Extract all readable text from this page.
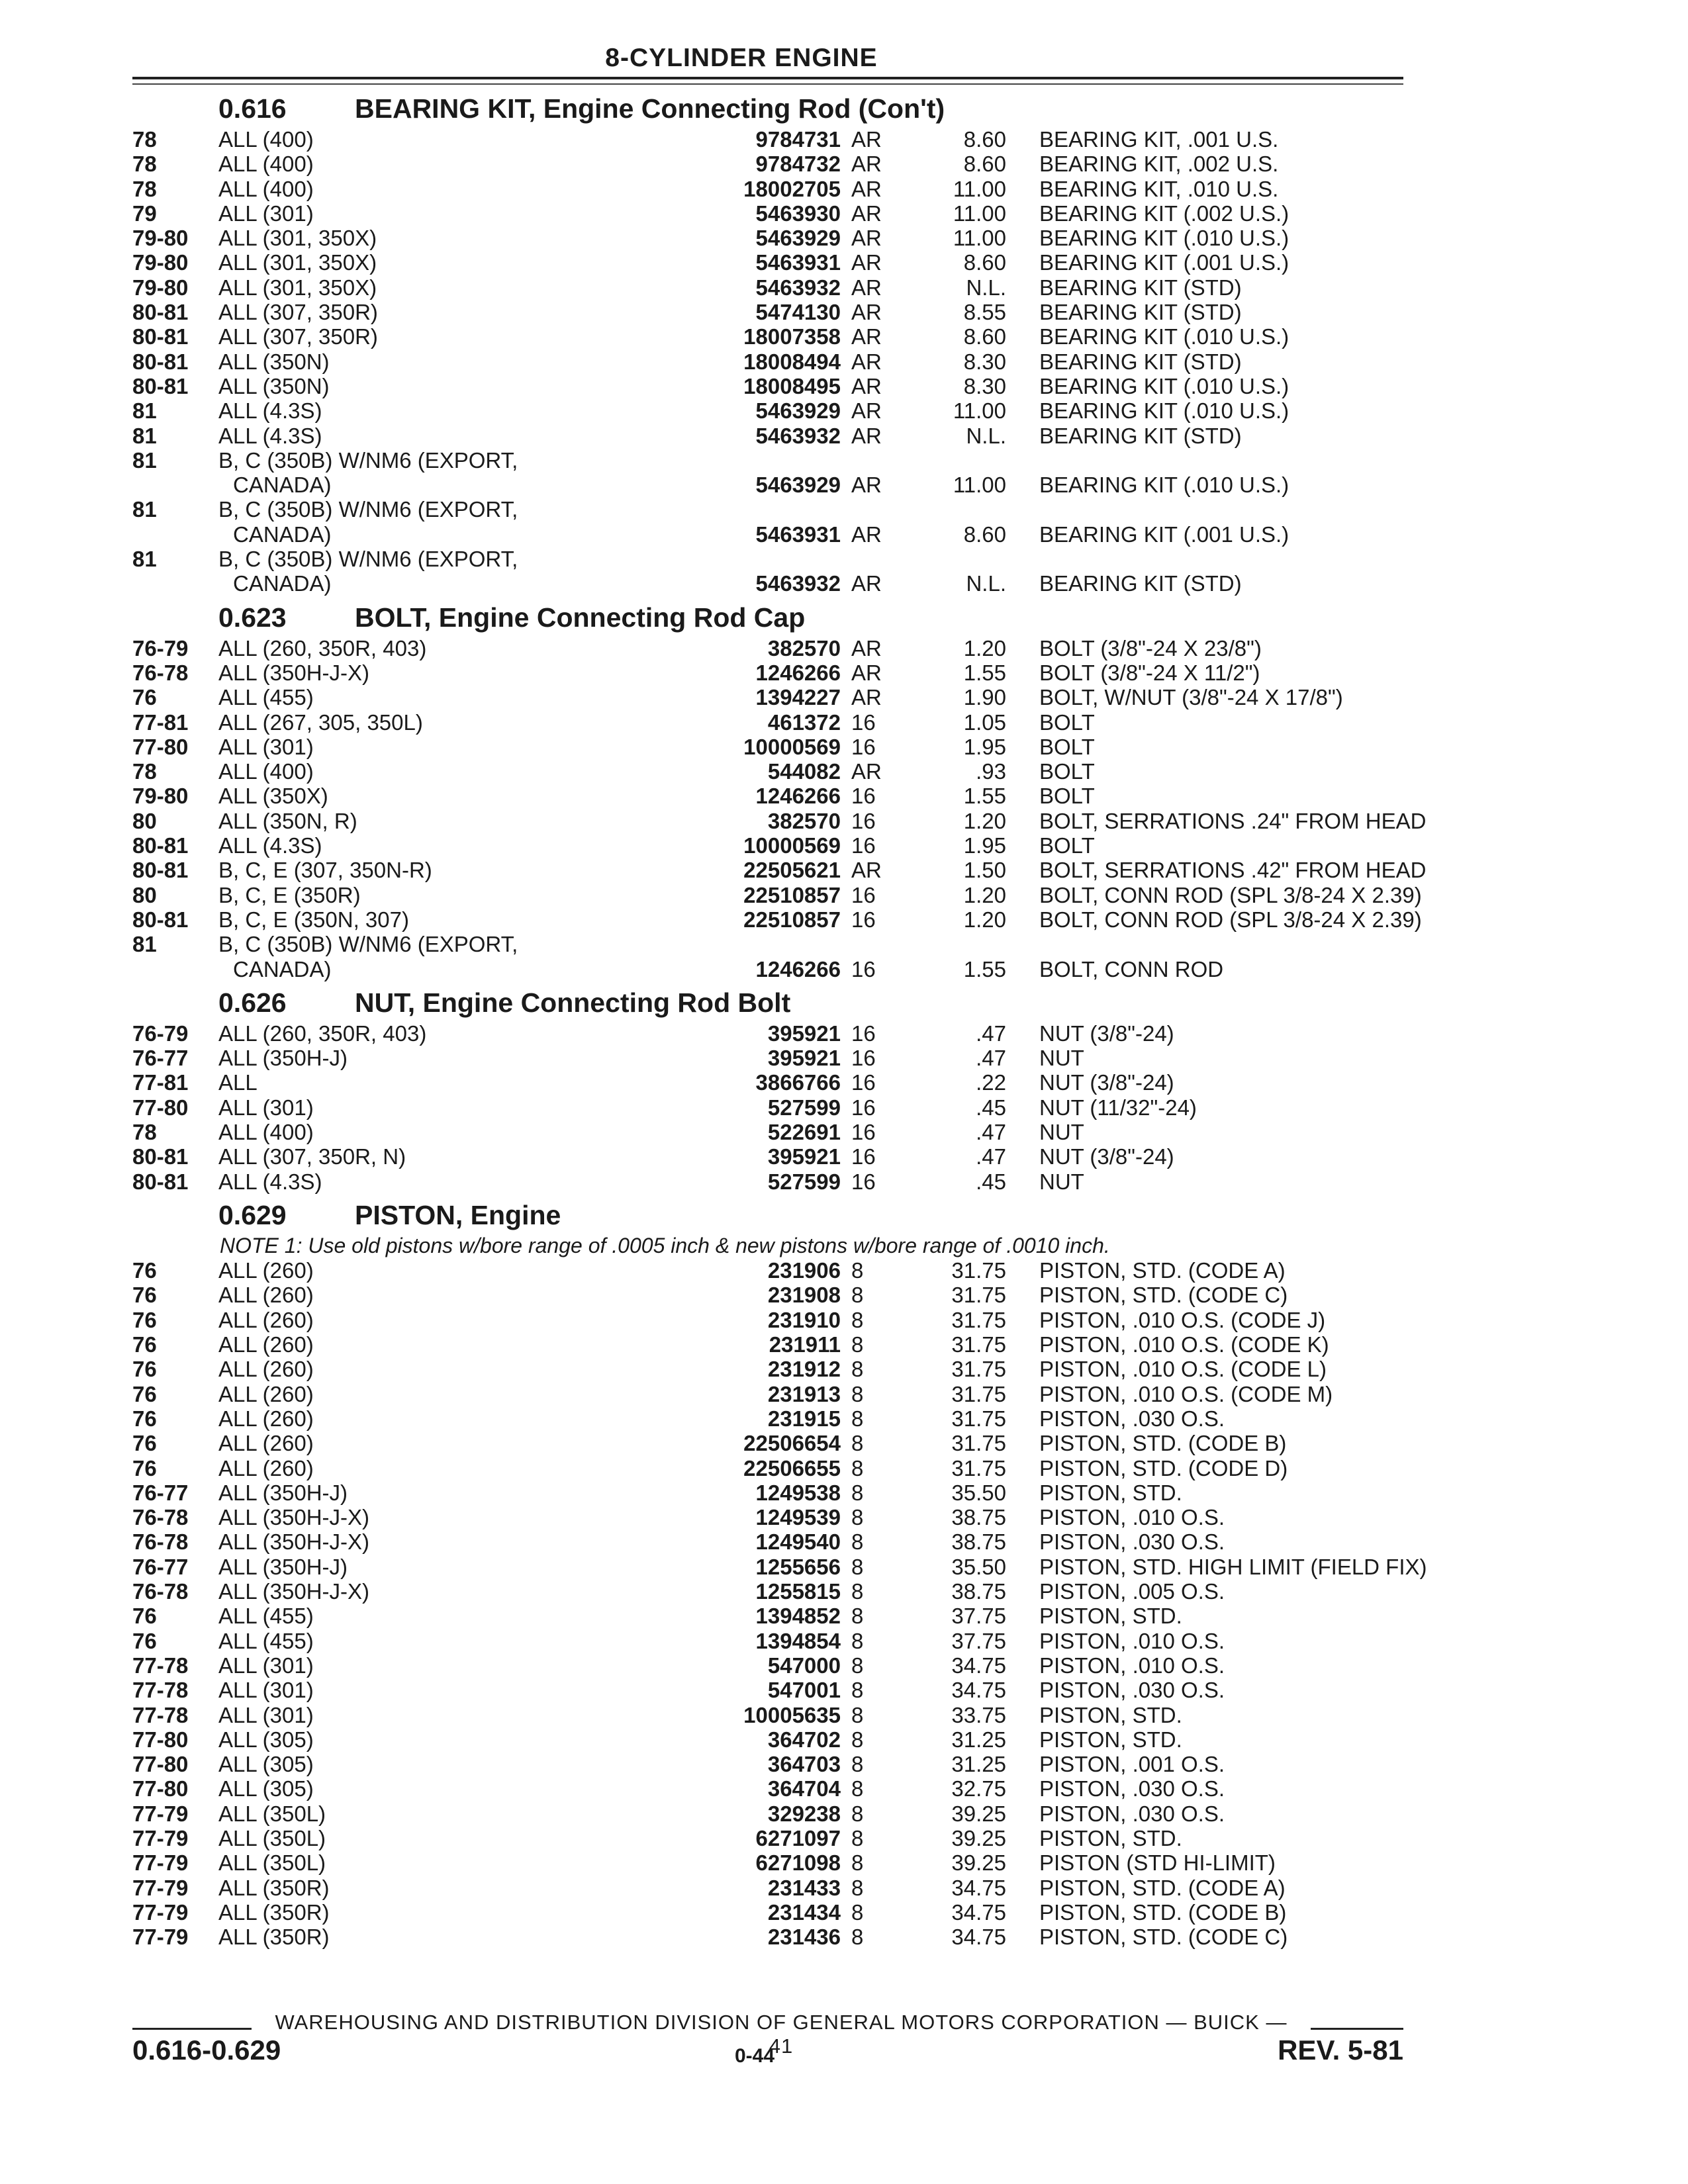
8-CYLINDER ENGINE
0.616	BEARING KIT, Engine Connecting Rod (Con't)
78	ALL (400)	9784731 AR	8.60 BEARING KIT, .001 U.S.
78	ALL (400)	9784732 AR	8.60 BEARING KIT, .002 U.S.
78	ALL (400)	18002705 AR	11.00 BEARING KIT, .010 U.S.
79	ALL (301)	5463930 AR	11.00 BEARING KIT (.002 U.S.)
79-80	ALL (301, 350X)	5463929 AR	11.00 BEARING KIT (.010 U.S.)
79-80	ALL (301, 350X)	5463931 AR	8.60 BEARING KIT (.001 U.S.)
79-80	ALL (301, 350X)	5463932 AR	N.L. BEARING KIT (STD)
80-81	ALL (307, 350R)	5474130 AR	8.55 BEARING KIT (STD)
80-81	ALL (307, 350R)	18007358 AR	8.60 BEARING KIT (.010 U.S.)
80-81	ALL (350N)	18008494 AR	8.30 BEARING KIT (STD)
80-81	ALL (350N)	18008495 AR	8.30 BEARING KIT (.010 U.S.)
81	ALL (4.3S)	5463929 AR	11.00 BEARING KIT (.010 U.S.)
81	ALL (4.3S)	5463932 AR	N.L. BEARING KIT (STD)
81	B, C (350B) W/NM6 (EXPORT,
CANADA)	5463929 AR	11.00 BEARING KIT (.010 U.S.)
81	B, C (350B) W/NM6 (EXPORT,
CANADA)	5463931 AR	8.60 BEARING KIT (.001 U.S.)
81	B, C (350B) W/NM6 (EXPORT,
CANADA)	5463932 AR	N.L. BEARING KIT (STD)
0.623	BOLT, Engine Connecting Rod Cap
76-79	ALL (260, 350R, 403)	382570 AR	1.20 BOLT (3/8"-24 X 23/8")
76-78	ALL (350H-J-X)	1246266 AR	1.55 BOLT (3/8"-24 X 11/2")
76	ALL (455)	1394227 AR	1.90 BOLT, W/NUT (3/8"-24 X 17/8")
77-81	ALL (267, 305, 350L)	461372 16	1.05 BOLT
77-80	ALL (301)	10000569 16	1.95 BOLT
78	ALL (400)	544082 AR	.93 BOLT
79-80	ALL (350X)	1246266 16	1.55 BOLT
80	ALL (350N, R)	382570 16	1.20 BOLT, SERRATIONS .24" FROM HEAD
80-81	ALL (4.3S)	10000569 16	1.95 BOLT
80-81	B, C, E (307, 350N-R)	22505621 AR	1.50 BOLT, SERRATIONS .42" FROM HEAD
80	B, C, E (350R)	22510857 16	1.20 BOLT, CONN ROD (SPL 3/8-24 X 2.39)
80-81	B, C, E (350N, 307)	22510857 16	1.20 BOLT, CONN ROD (SPL 3/8-24 X 2.39)
81	B, C (350B) W/NM6 (EXPORT,
CANADA)	1246266 16	1.55 BOLT, CONN ROD
0.626	NUT, Engine Connecting Rod Bolt
76-79	ALL (260, 350R, 403)	395921 16	.47 NUT (3/8"-24)
76-77	ALL (350H-J)	395921 16	.47 NUT
77-81	ALL	3866766 16	.22 NUT (3/8"-24)
77-80	ALL (301)	527599 16	.45 NUT (11/32"-24)
78	ALL (400)	522691 16	.47 NUT
80-81	ALL (307, 350R, N)	395921 16	.47 NUT (3/8"-24)
80-81	ALL (4.3S)	527599 16	.45 NUT
0.629	PISTON, Engine
NOTE 1: Use old pistons w/bore range of .0005 inch & new pistons w/bore range of .0010 inch.
76	ALL (260)	231906 8	31.75 PISTON, STD. (CODE A)
76	ALL (260)	231908 8	31.75 PISTON, STD. (CODE C)
76	ALL (260)	231910 8	31.75 PISTON, .010 O.S. (CODE J)
76	ALL (260)	231911 8	31.75 PISTON, .010 O.S. (CODE K)
76	ALL (260)	231912 8	31.75 PISTON, .010 O.S. (CODE L)
76	ALL (260)	231913 8	31.75 PISTON, .010 O.S. (CODE M)
76	ALL (260)	231915 8	31.75 PISTON, .030 O.S.
76	ALL (260)	22506654 8	31.75 PISTON, STD. (CODE B)
76	ALL (260)	22506655 8	31.75 PISTON, STD. (CODE D)
76-77	ALL (350H-J)	1249538 8	35.50 PISTON, STD.
76-78	ALL (350H-J-X)	1249539 8	38.75 PISTON, .010 O.S.
76-78	ALL (350H-J-X)	1249540 8	38.75 PISTON, .030 O.S.
76-77	ALL (350H-J)	1255656 8	35.50 PISTON, STD. HIGH LIMIT (FIELD FIX)
76-78	ALL (350H-J-X)	1255815 8	38.75 PISTON, .005 O.S.
76	ALL (455)	1394852 8	37.75 PISTON, STD.
76	ALL (455)	1394854 8	37.75 PISTON, .010 O.S.
77-78	ALL (301)	547000 8	34.75 PISTON, .010 O.S.
77-78	ALL (301)	547001 8	34.75 PISTON, .030 O.S.
77-78	ALL (301)	10005635 8	33.75 PISTON, STD.
77-80	ALL (305)	364702 8	31.25 PISTON, STD.
77-80	ALL (305)	364703 8	31.25 PISTON, .001 O.S.
77-80	ALL (305)	364704 8	32.75 PISTON, .030 O.S.
77-79	ALL (350L)	329238 8	39.25 PISTON, .030 O.S.
77-79	ALL (350L)	6271097 8	39.25 PISTON, STD.
77-79	ALL (350L)	6271098 8	39.25 PISTON (STD HI-LIMIT)
77-79	ALL (350R)	231433 8	34.75 PISTON, STD. (CODE A)
77-79	ALL (350R)	231434 8	34.75 PISTON, STD. (CODE B)
77-79	ALL (350R)	231436 8	34.75 PISTON, STD. (CODE C)
WAREHOUSING AND DISTRIBUTION DIVISION OF GENERAL MOTORS CORPORATION — BUICK — 41
0.616-0.629	0-44	REV. 5-81
